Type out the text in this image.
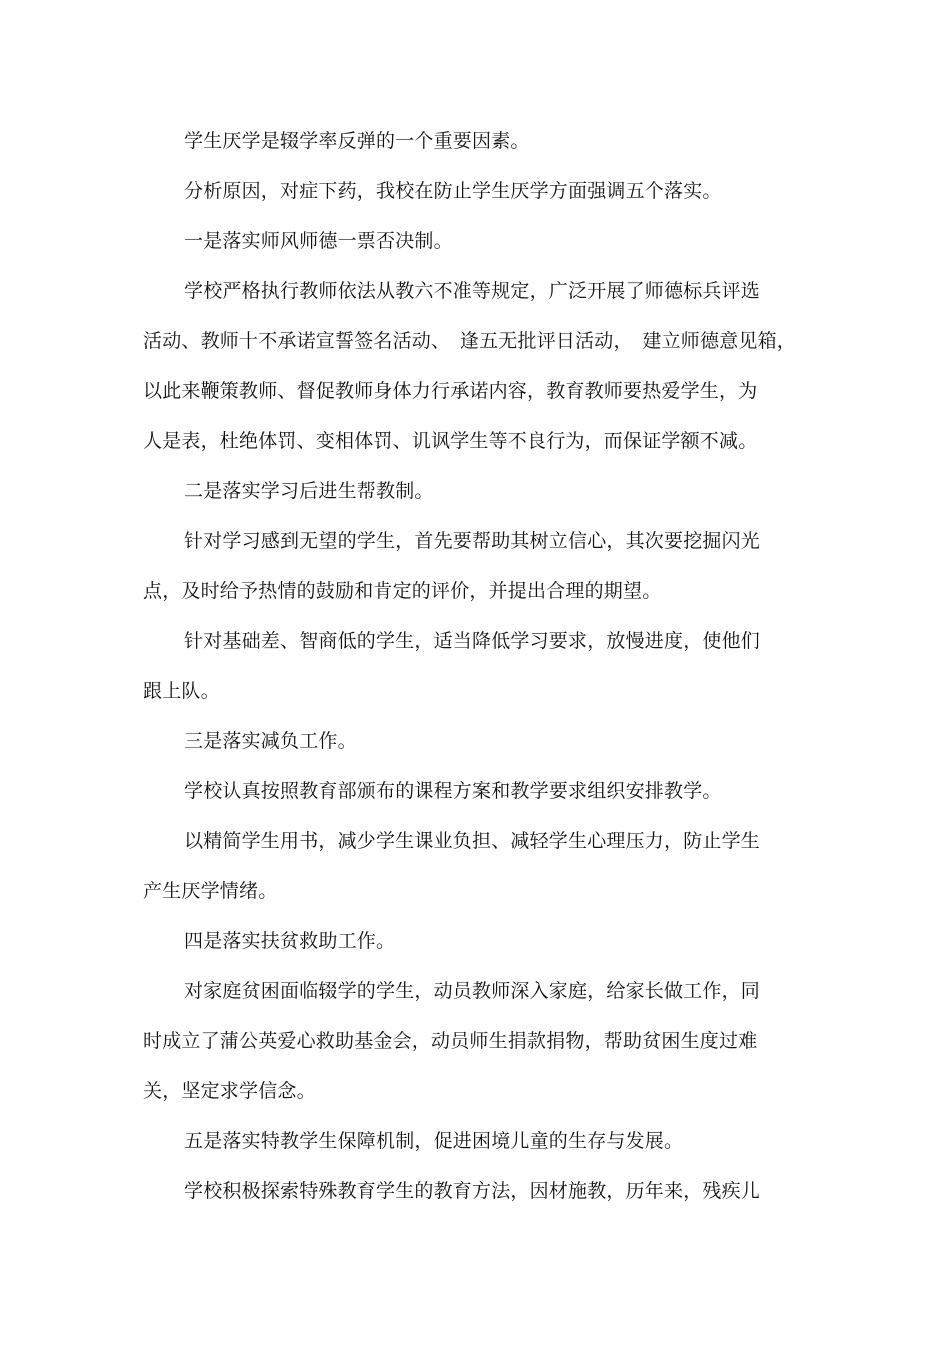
学生厌学是辍学率反弹的一个重要因素。
分析原因，对症下药，我校在防止学生厌学方面强调五个落实。
一是落实师风师德一票否决制。
学校严格执行教师依法从教六不准等规定，广泛开展了师德标兵评选
活动、教师十不承诺宣誓签名活动、　逢五无批评日活动，　建立师德意见箱，
以此来鞭策教师、督促教师身体力行承诺内容，教育教师要热爱学生，为
人是表，杜绝体罚、变相体罚、讥讽学生等不良行为，而保证学额不减。
二是落实学习后进生帮教制。
针对学习感到无望的学生，首先要帮助其树立信心，其次要挖掘闪光
点，及时给予热情的鼓励和肯定的评价，并提出合理的期望。
针对基础差、智商低的学生，适当降低学习要求，放慢进度，使他们
跟上队。
三是落实减负工作。
学校认真按照教育部颁布的课程方案和教学要求组织安排教学。
以精简学生用书，减少学生课业负担、减轻学生心理压力，防止学生
产生厌学情绪。
四是落实扶贫救助工作。
对家庭贫困面临辍学的学生，动员教师深入家庭，给家长做工作，同
时成立了蒲公英爱心救助基金会，动员师生捐款捐物，帮助贫困生度过难
关，坚定求学信念。
五是落实特教学生保障机制，促进困境儿童的生存与发展。
学校积极探索特殊教育学生的教育方法，因材施教，历年来，残疾儿
